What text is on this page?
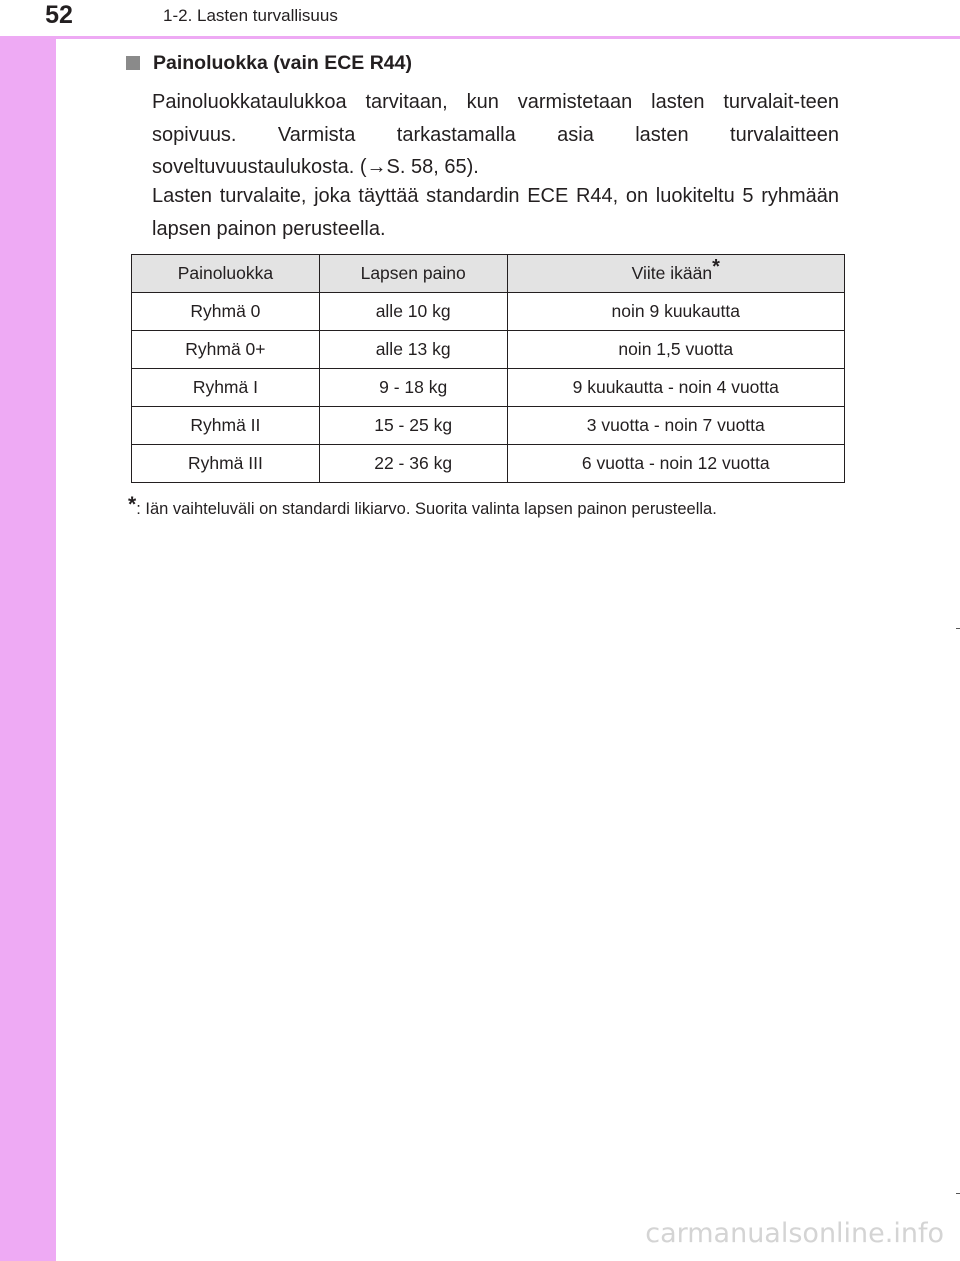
52	1-2. Lasten turvallisuus
Painoluokka (vain ECE R44)
Painoluokkataulukkoa tarvitaan, kun varmistetaan lasten turvalait-teen sopivuus. Varmista tarkastamalla asia lasten turvalaitteen soveltuvuustaulukosta. (→S. 58, 65).
Lasten turvalaite, joka täyttää standardin ECE R44, on luokiteltu 5 ryhmään lapsen painon perusteella.
Painoluokka	Lapsen paino	Viite ikään*
Ryhmä 0	alle 10 kg	noin 9 kuukautta
Ryhmä 0+	alle 13 kg	noin 1,5 vuotta
Ryhmä I	9 - 18 kg	9 kuukautta - noin 4 vuotta
Ryhmä II	15 - 25 kg	3 vuotta - noin 7 vuotta
Ryhmä III	22 - 36 kg	6 vuotta - noin 12 vuotta
*: Iän vaihteluväli on standardi likiarvo. Suorita valinta lapsen painon perusteella.
carmanualsonline.info
